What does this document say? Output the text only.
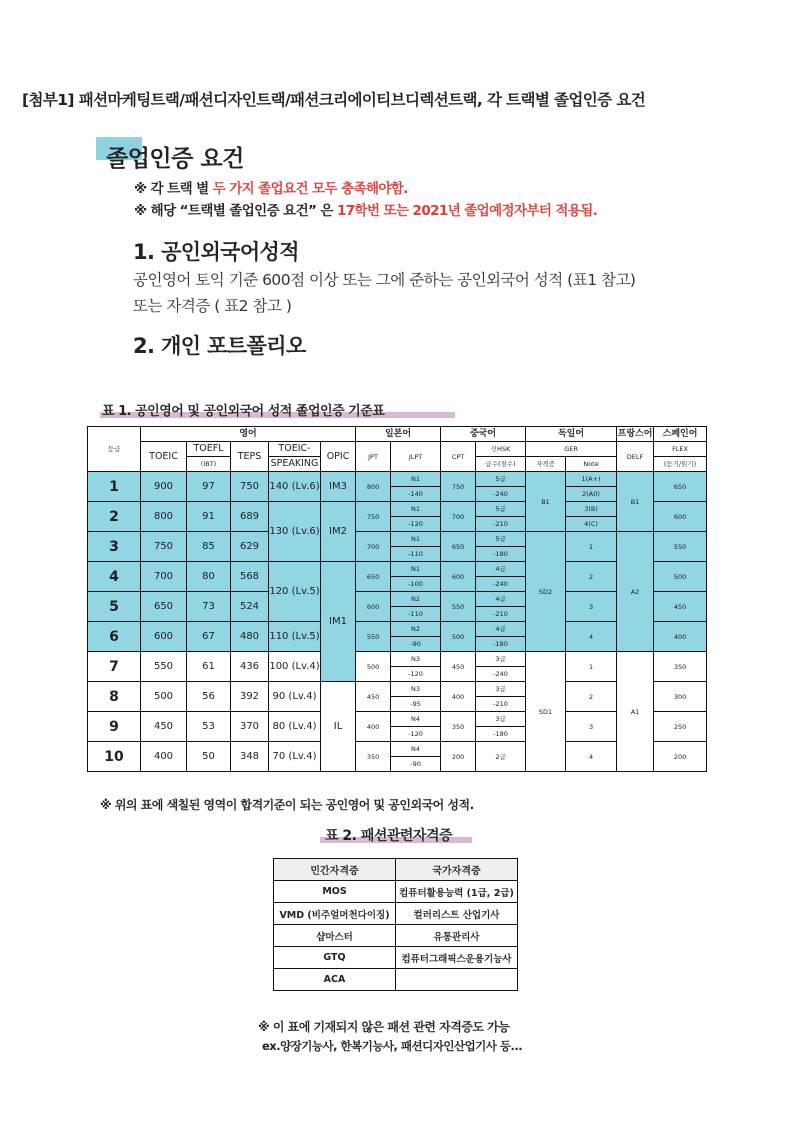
[첨부1] 패션마케팅트랙/패션디자인트랙/패션크리에이티브디렉션트랙, 각 트랙별 졸업인증 요건
졸업인증 요건
※ 각 트랙 별 두 가지 졸업요건 모두 충족해야함.
※ 해당 “트랙별 졸업인증 요건” 은 17학번 또는 2021년 졸업예정자부터 적용됨.
1. 공인외국어성적
공인영어 토익 기준 600점 이상 또는 그에 준하는 공인외국어 성적 (표1 참고)
또는 자격증 ( 표2 참고 )
2. 개인 포트폴리오
표 1. 공인영어 및 공인외국어 성적 졸업인증 기준표
등급	영어					일본어		중국어		독일어		프랑스어	스페인어
	TOEIC	TOEFL	TEPS	TOEIC-	OPIC	JPT	JLPT	CPT	신HSK	GER		DELF	FLEX
		(IBT)		SPEAKING					급수(점수)	자격증	Note		(듣기/읽기)
1	900	97	750	140 (Lv.6)	IM3	800	N1	750	5급	B1	1(A+)	B1	650
							-140		-240		2(A0)		
2	800	91	689	130 (Lv.6)	IM2	750	N1	700	5급		3(B)		600
							-120		-210		4(C)		
3	750	85	629			700	N1	650	5급	SD2	1	A2	550
							-110		-180				
4	700	80	568	120 (Lv.5)	IM1	650	N1	600	4급		2		500
							-100		-240				
5	650	73	524			600	N2	550	4급		3		450
							-110		-210				
6	600	67	480	110 (Lv.5)		550	N2	500	4급		4		400
							-90		-180				
7	550	61	436	100 (Lv.4)		500	N3	450	3급	SD1	1	A1	350
							-120		-240				
8	500	56	392	90 (Lv.4)	IL	450	N3	400	3급		2		300
							-95		-210				
9	450	53	370	80 (Lv.4)		400	N4	350	3급		3		250
							-120		-180				
10	400	50	348	70 (Lv.4)		350	N4	200	2급		4		200
							-90						
※ 위의 표에 색칠된 영역이 합격기준이 되는 공인영어 및 공인외국어 성적.
표 2. 패션관련자격증
민간자격증	국가자격증
MOS	컴퓨터활용능력 (1급, 2급)
VMD (비주얼머천다이징)	컬러리스트 산업기사
샵마스터	유통관리사
GTQ	컴퓨터그래픽스운용기능사
ACA	
※ 이 표에 기재되지 않은 패션 관련 자격증도 가능
ex.양장기능사, 한복기능사, 패션디자인산업기사 등...
